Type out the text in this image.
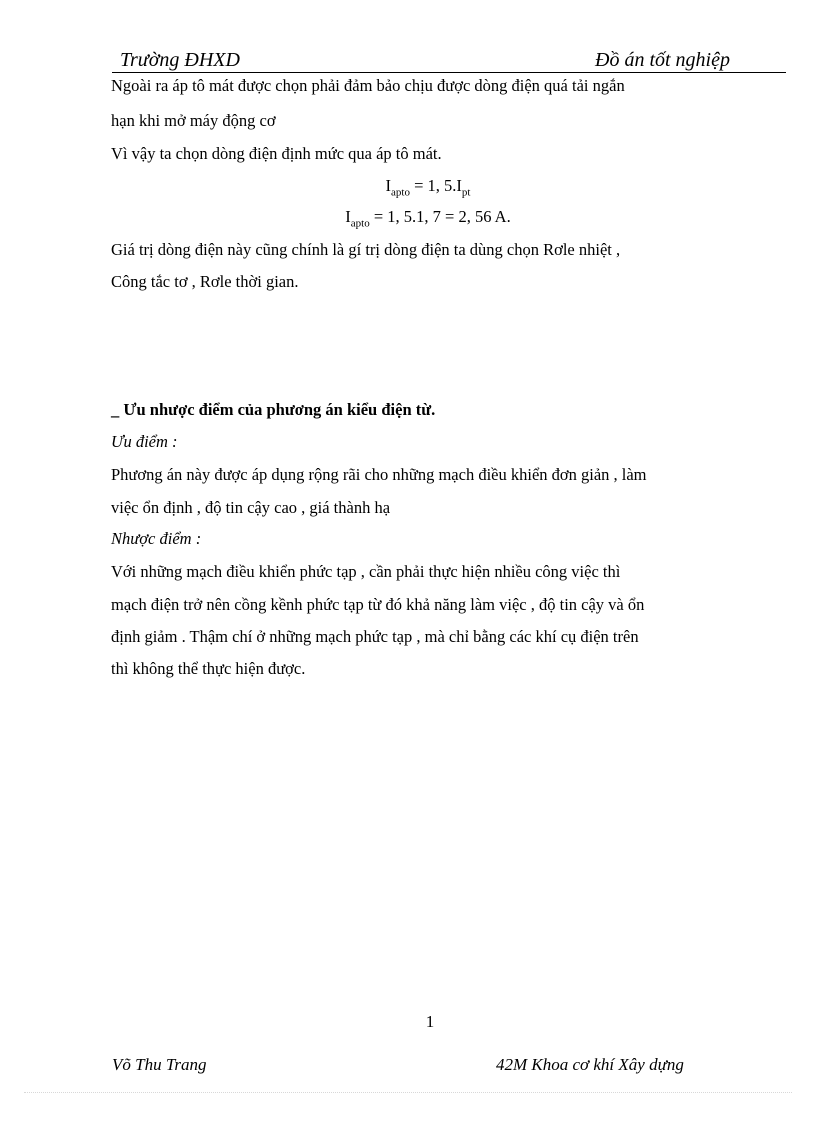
Trường ĐHXD	Đồ án tốt nghiệp
Ngoài ra áp tô mát được chọn phải đảm bảo chịu được dòng điện quá tải ngắn
hạn khi mở máy động cơ
Vì vậy ta chọn dòng điện định mức qua áp tô mát.
$I_{apto} = 1$, $5.I_{pt}$
$I_{apto} = 1$, 5.1, 7 = 2, 56 A.
Giá trị dòng điện này cũng chính là gí trị dòng điện ta dùng chọn Rơle nhiệt ,
Công tắc tơ , Rơle thời gian.
_ Ưu nhược điểm của phương án kiểu điện từ.
Ưu điểm :
Phương án này được áp dụng rộng rãi cho những mạch điều khiển đơn giản , làm
việc ổn định , độ tin cậy cao , giá thành hạ
Nhược điểm :
Với những mạch điều khiển phức tạp , cần phải thực hiện nhiều công việc thì
mạch điện trở nên cồng kềnh phức tạp từ đó khả năng làm việc , độ tin cậy và ổn
định giảm . Thậm chí ở những mạch phức tạp , mà chỉ bằng các khí cụ điện trên
thì không thể thực hiện được.
1
Võ Thu Trang	42M Khoa cơ khí Xây dựng
